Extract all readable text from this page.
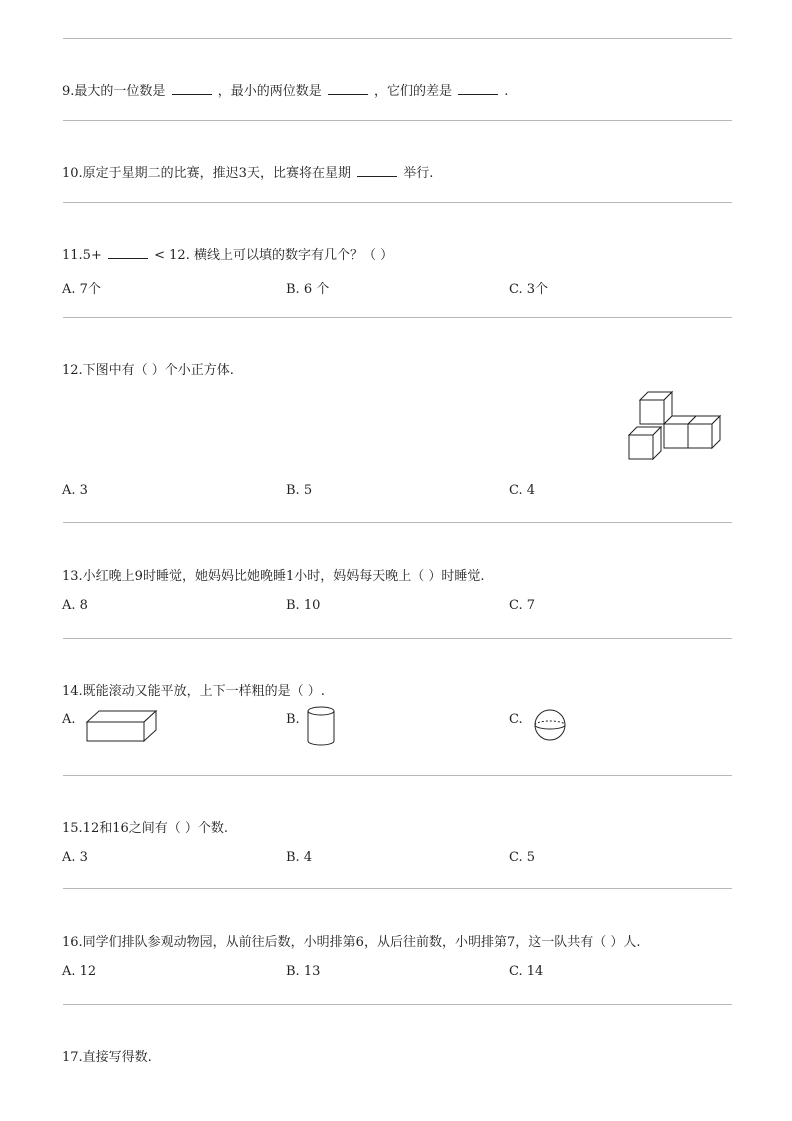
9.最大的一位数是	，最小的两位数是	，它们的差是	.
10.原定于星期二的比赛，推迟3天，比赛将在星期	举行.
11.5+	< 12. 横线上可以填的数字有几个？（ ）
A. 7个	B. 6 个	C. 3个
12.下图中有（ ）个小正方体.
A. 3	B. 5	C. 4
13.小红晚上9时睡觉，她妈妈比她晚睡1小时，妈妈每天晚上（ ）时睡觉.
A. 8	B. 10	C. 7
14.既能滚动又能平放，上下一样粗的是（ ）.
A.	B.	C.
15.12和16之间有（ ）个数.
A. 3	B. 4	C. 5
16.同学们排队参观动物园，从前往后数，小明排第6，从后往前数，小明排第7，这一队共有（ ）人.
A. 12	B. 13	C. 14
17.直接写得数.
